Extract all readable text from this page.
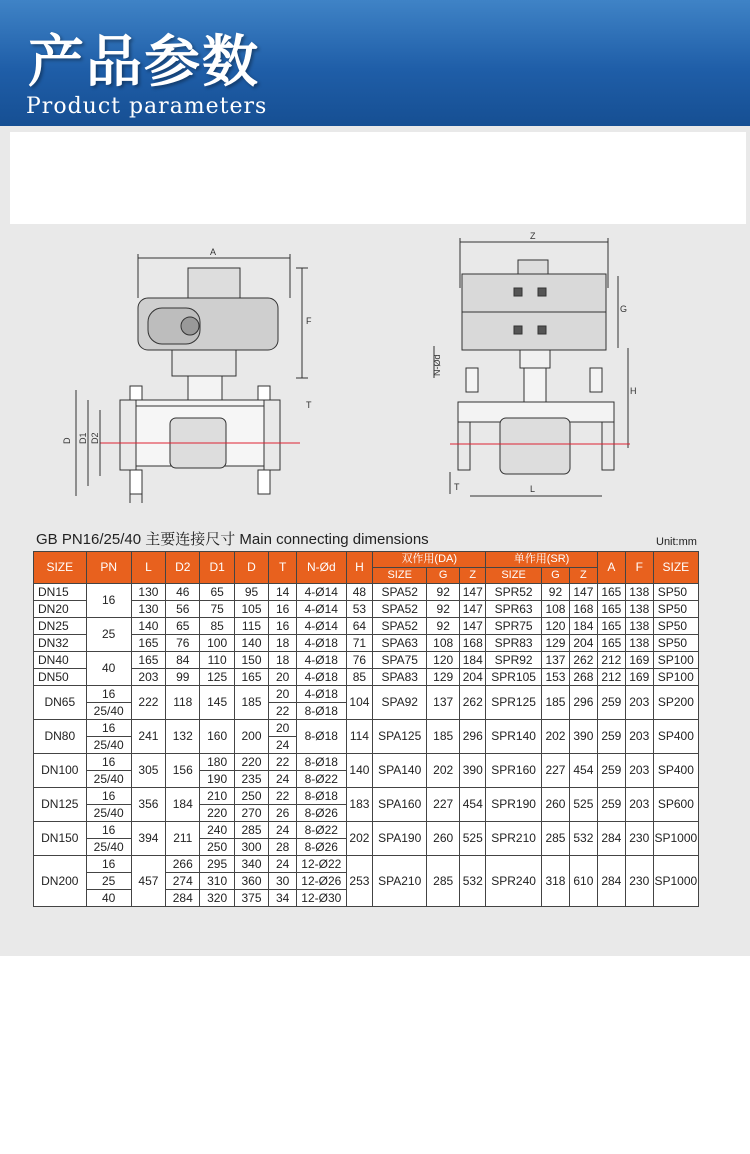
产品参数
Product parameters
A
F
T
D D1 D2
Z
G
N-Ød
H
T	L
GB PN16/25/40 主要连接尺寸 Main connecting dimensions	Unit:mm
SIZE	PN	L	D2	D1	D	T	N-Ød	H	双作用(DA)			单作用(SR)			A	F	SIZE
									SIZE	G	Z	SIZE	G	Z			
DN15	16	130	46	65	95	14	4-Ø14	48	SPA52	92	147	SPR52	92	147	165	138	SP50
DN20		130	56	75	105	16	4-Ø14	53	SPA52	92	147	SPR63	108	168	165	138	SP50
DN25	25	140	65	85	115	16	4-Ø14	64	SPA52	92	147	SPR75	120	184	165	138	SP50
DN32		165	76	100	140	18	4-Ø18	71	SPA63	108	168	SPR83	129	204	165	138	SP50
DN40	40	165	84	110	150	18	4-Ø18	76	SPA75	120	184	SPR92	137	262	212	169	SP100
DN50		203	99	125	165	20	4-Ø18	85	SPA83	129	204	SPR105	153	268	212	169	SP100
DN65	16	222	118	145	185	20	4-Ø18	104	SPA92	137	262	SPR125	185	296	259	203	SP200
	25/40					22	8-Ø18										
DN80	16	241	132	160	200	20	8-Ø18	114	SPA125	185	296	SPR140	202	390	259	203	SP400
	25/40					24											
DN100	16	305	156	180	220	22	8-Ø18	140	SPA140	202	390	SPR160	227	454	259	203	SP400
	25/40			190	235	24	8-Ø22										
DN125	16	356	184	210	250	22	8-Ø18	183	SPA160	227	454	SPR190	260	525	259	203	SP600
	25/40			220	270	26	8-Ø26										
DN150	16	394	211	240	285	24	8-Ø22	202	SPA190	260	525	SPR210	285	532	284	230	SP1000
	25/40			250	300	28	8-Ø26										
DN200	16	457	266	295	340	24	12-Ø22	253	SPA210	285	532	SPR240	318	610	284	230	SP1000
	25		274	310	360	30	12-Ø26										
	40		284	320	375	34	12-Ø30										
